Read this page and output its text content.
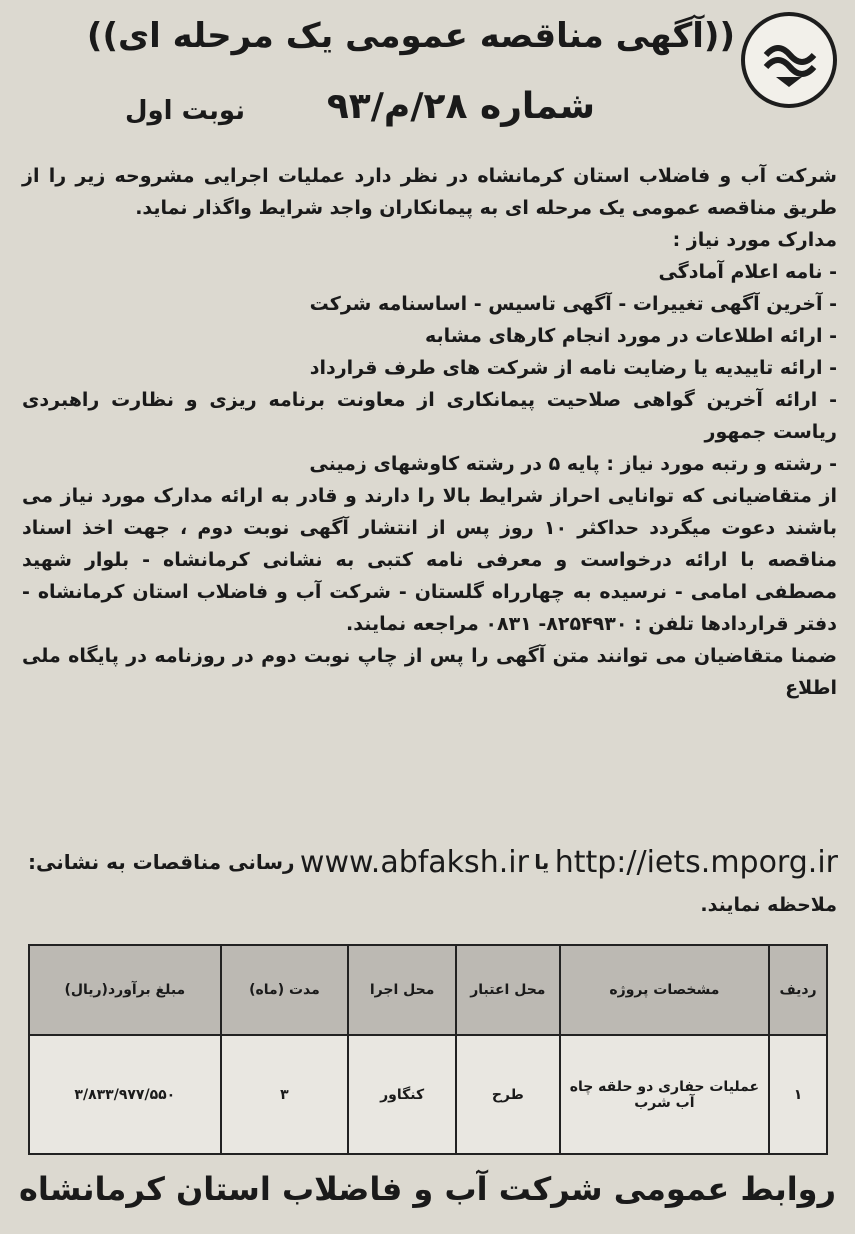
((آگهی مناقصه عمومی یک مرحله ای))
شماره ۲۸/م/۹۳
نوبت اول

شرکت آب و فاضلاب استان کرمانشاه در نظر دارد عملیات اجرایی مشروحه زیر را از طریق مناقصه عمومی یک مرحله ای به پیمانکاران واجد شرایط واگذار نماید.

مدارک مورد نیاز :

- نامه اعلام آمادگی

- آخرین آگهی تغییرات - آگهی تاسیس - اساسنامه شرکت

- ارائه اطلاعات در مورد انجام کارهای مشابه

- ارائه تاییدیه یا رضایت نامه از شرکت های طرف قرارداد

- ارائه آخرین گواهی صلاحیت پیمانکاری از معاونت برنامه ریزی و نظارت راهبردی ریاست جمهور

- رشته و رتبه مورد نیاز : پایه ۵ در رشته کاوشهای زمینی

از متقاضیانی که توانایی احراز شرایط بالا را دارند و قادر به ارائه مدارک مورد نیاز می باشند دعوت میگردد حداکثر ۱۰ روز پس از انتشار آگهی نوبت دوم ، جهت اخذ اسناد مناقصه با ارائه درخواست و معرفی نامه کتبی به نشانی کرمانشاه - بلوار شهید مصطفی امامی - نرسیده به چهارراه گلستان - شرکت آب و فاضلاب استان کرمانشاه - دفتر قراردادها تلفن : ۸۲۵۴۹۳۰- ۰۸۳۱ مراجعه نمایند.

ضمنا متقاضیان می توانند متن آگهی را پس از چاپ نوبت دوم در روزنامه در پایگاه ملی اطلاع

رسانی مناقصات به نشانی: www.abfaksh.ir یا http://iets.mporg.ir
ملاحظه نمایند.
ردیف	مشخصات پروژه	محل اعتبار	محل اجرا	مدت (ماه)	مبلغ برآورد(ریال)
۱	عملیات حفاری دو حلقه چاه آب شرب	طرح	کنگاور	۳	۳/۸۳۳/۹۷۷/۵۵۰
روابط عمومی شرکت آب و فاضلاب استان کرمانشاه
